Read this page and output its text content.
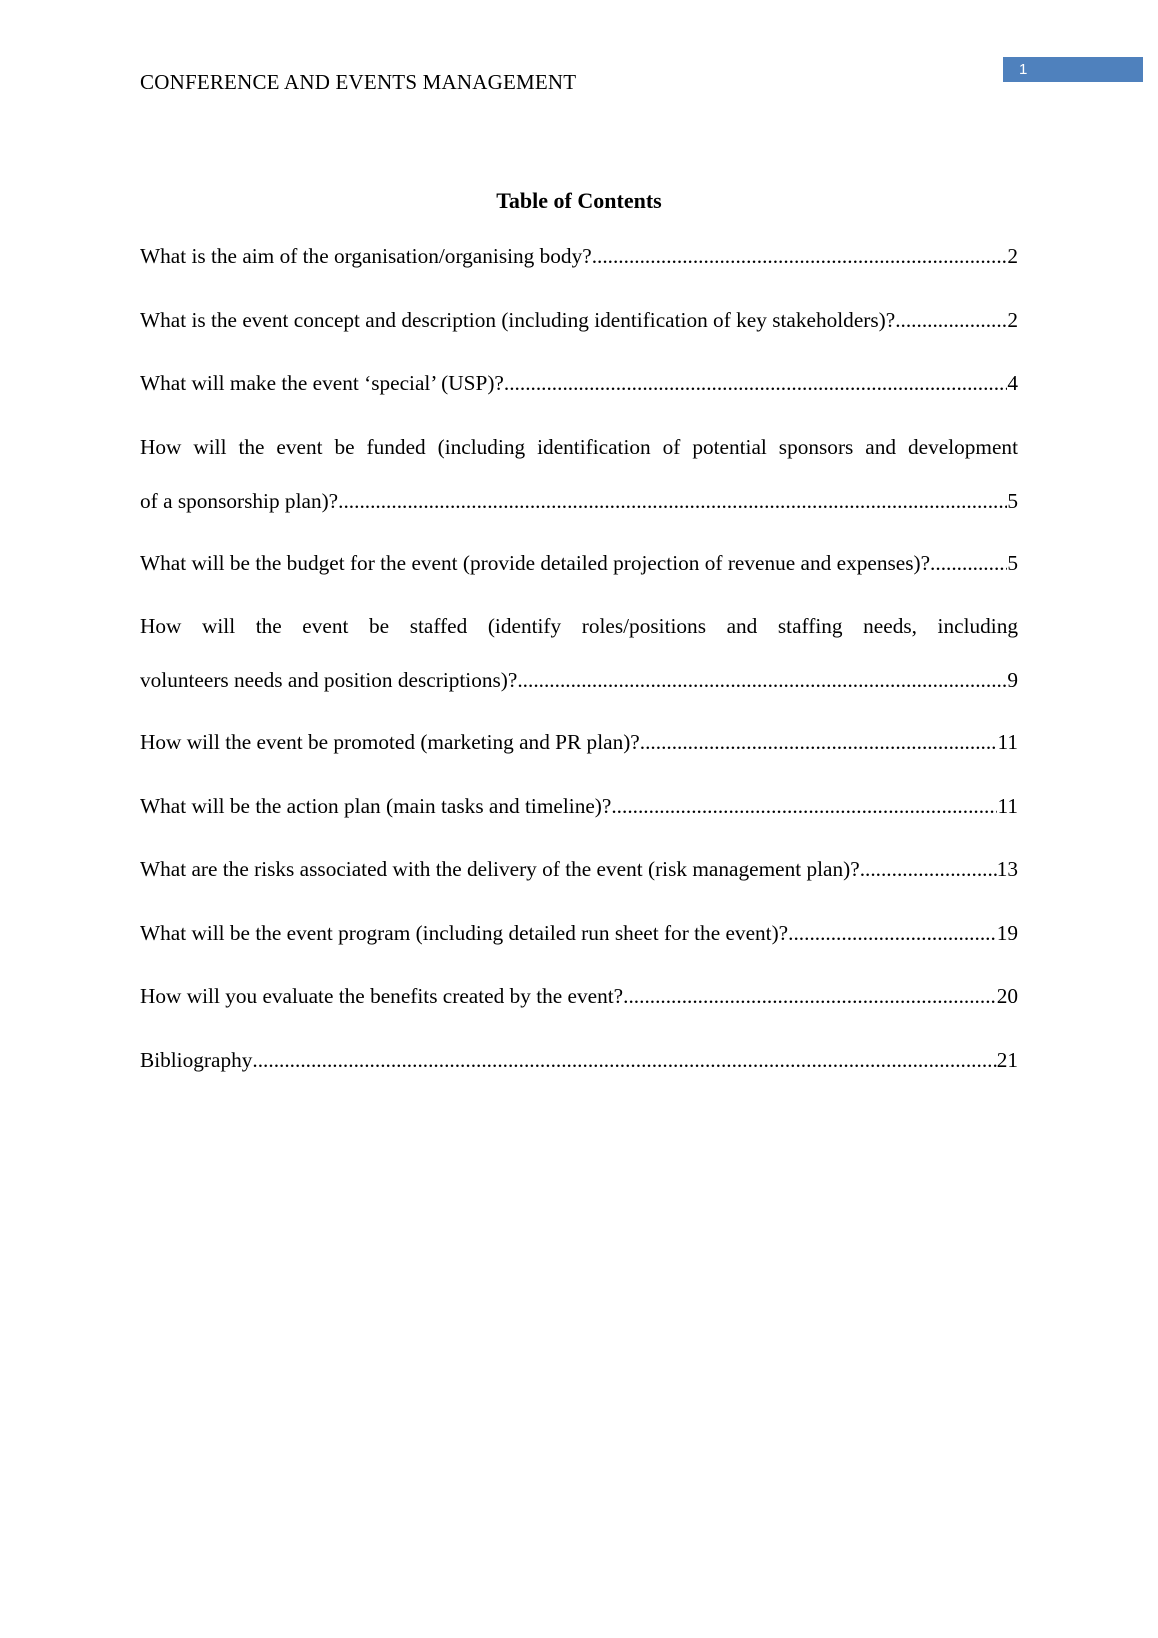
CONFERENCE AND EVENTS MANAGEMENT
1
Table of Contents
What is the aim of the organisation/organising body? .....	2
What is the event concept and description (including identification of key stakeholders)? .....	2
What will make the event ‘special’ (USP)? .....	4
How will the event be funded (including identification of potential sponsors and development
of a sponsorship plan)? .....	5
What will be the budget for the event (provide detailed projection of revenue and expenses)? .....	5
How will the event be staffed (identify roles/positions and staffing needs, including
volunteers needs and position descriptions)? .....	9
How will the event be promoted (marketing and PR plan)? .....	11
What will be the action plan (main tasks and timeline)? .....	11
What are the risks associated with the delivery of the event (risk management plan)? .....	13
What will be the event program (including detailed run sheet for the event)? .....	19
How will you evaluate the benefits created by the event? .....	20
Bibliography .....	21
